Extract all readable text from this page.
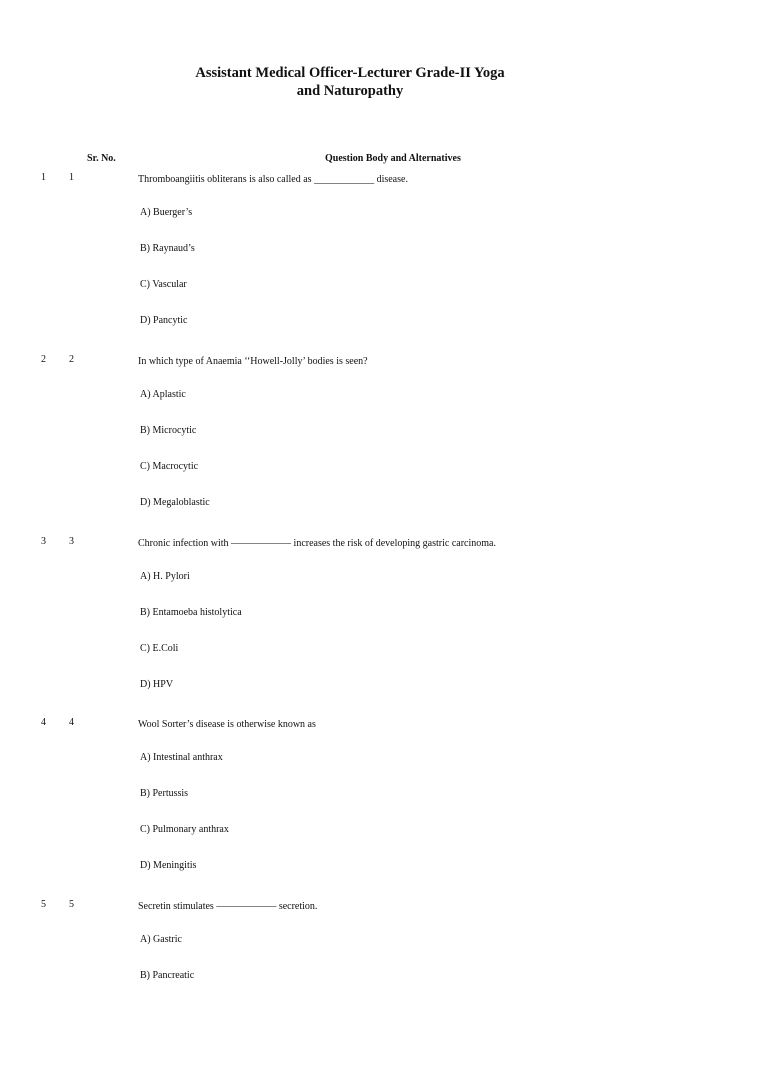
Assistant Medical Officer-Lecturer Grade-II Yoga
and Naturopathy
Sr. No.	Question Body and Alternatives
1 1	Thromboangiitis obliterans is also called as ____________ disease.
A) Buerger’s
B) Raynaud’s
C) Vascular
D) Pancytic
2 2	In which type of Anaemia ‘‘Howell-Jolly’ bodies is seen?
A) Aplastic
B) Microcytic
C) Macrocytic
D) Megaloblastic
3 3	Chronic infection with ―――――― increases the risk of developing gastric carcinoma.
A) H. Pylori
B) Entamoeba histolytica
C) E.Coli
D) HPV
4 4	Wool Sorter’s disease is otherwise known as
A) Intestinal anthrax
B) Pertussis
C) Pulmonary anthrax
D) Meningitis
5 5	Secretin stimulates ―――――― secretion.
A) Gastric
B) Pancreatic
